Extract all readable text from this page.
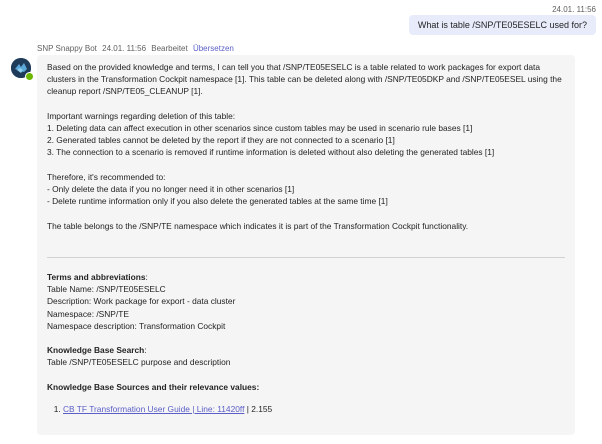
24.01. 11:56
What is table /SNP/TE05ESELC used for?
SNP Snappy Bot 24.01. 11:56 Bearbeitet Übersetzen

Based on the provided knowledge and terms, I can tell you that /SNP/TE05ESELC is a table related to work packages for export data clusters in the Transformation Cockpit namespace [1]. This table can be deleted along with /SNP/TE05DKP and /SNP/TE05ESEL using the cleanup report /SNP/TE05_CLEANUP [1].

Important warnings regarding deletion of this table:

1. Deleting data can affect execution in other scenarios since custom tables may be used in scenario rule bases [1]

2. Generated tables cannot be deleted by the report if they are not connected to a scenario [1]

3. The connection to a scenario is removed if runtime information is deleted without also deleting the generated tables [1]

Therefore, it's recommended to:

- Only delete the data if you no longer need it in other scenarios [1]

- Delete runtime information only if you also delete the generated tables at the same time [1]

The table belongs to the /SNP/TE namespace which indicates it is part of the Transformation Cockpit functionality.

Terms and abbreviations:

Table Name: /SNP/TE05ESELC

Description: Work package for export - data cluster

Namespace: /SNP/TE

Namespace description: Transformation Cockpit

Knowledge Base Search:

Table /SNP/TE05ESELC purpose and description

Knowledge Base Sources and their relevance values:

1. CB TF Transformation User Guide | Line: 11420ff | 2.155
